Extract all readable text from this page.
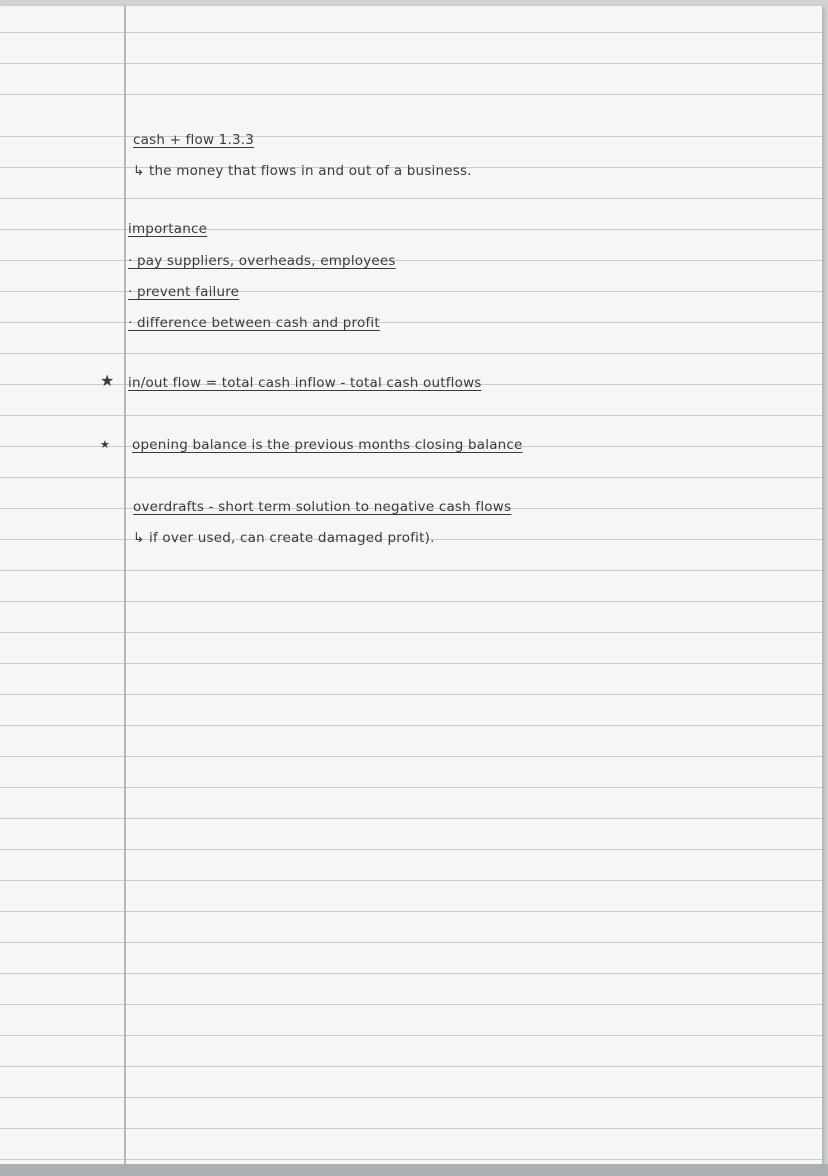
cash + flow 1.3.3

↳ the money that flows in and out of a business.

importance

· pay suppliers, overheads, employees

· prevent failure

· difference between cash and profit

★ in/out flow = total cash inflow - total cash outflows

★ opening balance is the previous months closing balance

overdrafts - short term solution to negative cash flows

↳ if over used, can create damaged profit).
